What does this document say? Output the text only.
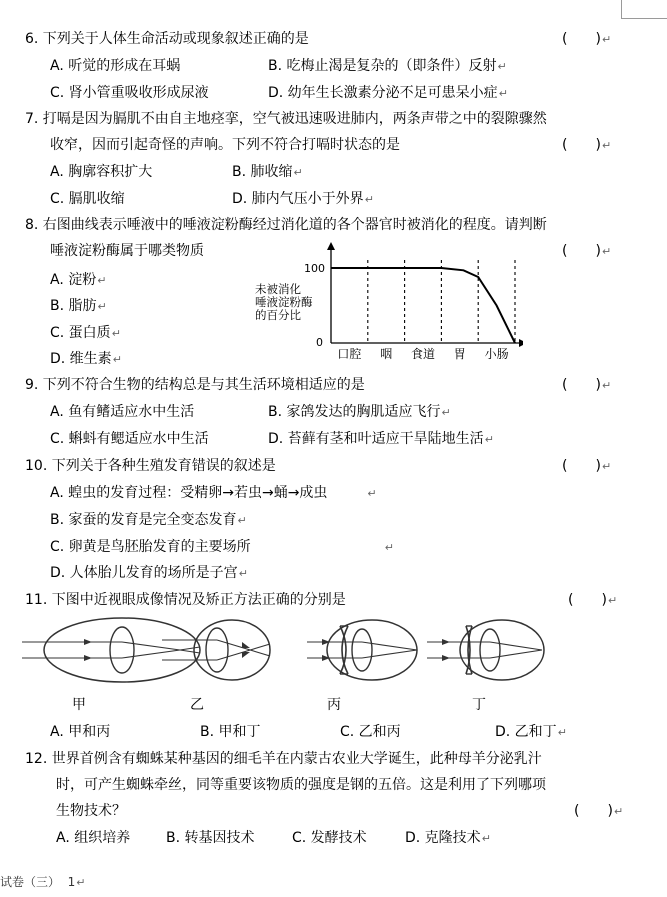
6. 下列关于人体生命活动或现象叙述正确的是	(　　)↵
A. 听觉的形成在耳蜗	B. 吃梅止渴是复杂的（即条件）反射↵
C. 肾小管重吸收形成尿液	D. 幼年生长激素分泌不足可患呆小症↵
7. 打嗝是因为膈肌不由自主地痉挛，空气被迅速吸进肺内，两条声带之中的裂隙骤然
收窄，因而引起奇怪的声响。下列不符合打嗝时状态的是	(　　)↵
A. 胸廓容积扩大	B. 肺收缩↵
C. 膈肌收缩	D. 肺内气压小于外界↵
8. 右图曲线表示唾液中的唾液淀粉酶经过消化道的各个器官时被消化的程度。请判断
唾液淀粉酶属于哪类物质	(　　)↵
A. 淀粉↵
B. 脂肪↵
C. 蛋白质↵
D. 维生素↵	口腔 咽 食道 胃 小肠
100
0
未被消化
唾液淀粉酶
的百分比
9. 下列不符合生物的结构总是与其生活环境相适应的是	(　　)↵
A. 鱼有鳍适应水中生活	B. 家鸽发达的胸肌适应飞行↵
C. 蝌蚪有鳃适应水中生活	D. 苔藓有茎和叶适应干旱陆地生活↵
10. 下列关于各种生殖发育错误的叙述是	(　　)↵
A. 蝗虫的发育过程：受精卵→若虫→蛹→成虫	↵
B. 家蚕的发育是完全变态发育↵
C. 卵黄是鸟胚胎发育的主要场所	↵
D. 人体胎儿发育的场所是子宫↵
11. 下图中近视眼成像情况及矫正方法正确的分别是	(　　)↵
甲	乙	丙	丁
A. 甲和丙	B. 甲和丁	C. 乙和丙	D. 乙和丁↵
12. 世界首例含有蜘蛛某种基因的细毛羊在内蒙古农业大学诞生，此种母羊分泌乳汁
时，可产生蜘蛛牵丝，同等重要该物质的强度是钢的五倍。这是利用了下列哪项
生物技术？	(　　)↵
A. 组织培养	B. 转基因技术	C. 发酵技术	D. 克隆技术↵
试卷（三） 1↵
